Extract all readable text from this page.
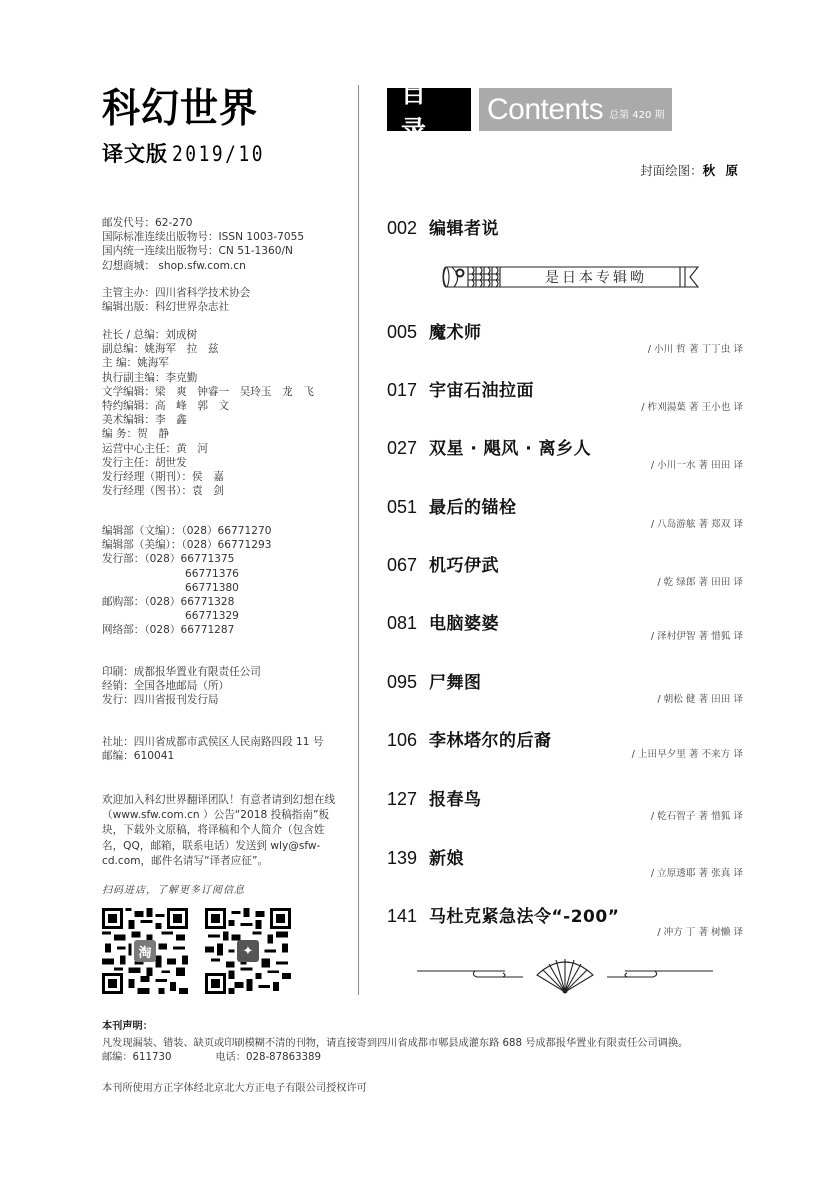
科幻世界
译文版 2019/10
邮发代号：62-270
国际标准连续出版物号：ISSN 1003-7055
国内统一连续出版物号：CN 51-1360/N
幻想商城： shop.sfw.com.cn
主管主办：四川省科学技术协会
编辑出版：科幻世界杂志社
社长 / 总编：刘成树
副总编：姚海军　拉　兹
主 编：姚海军
执行副主编：李克勤
文学编辑：梁　爽　钟睿一　吴玲玉　龙　飞
特约编辑：高　峰　郭　文
美术编辑：李　鑫
编 务：贺　静
运营中心主任：黄　河
发行主任：胡世发
发行经理（期刊）：侯　嘉
发行经理（图书）：袁　剑
编辑部（文编）：（028）66771270
编辑部（美编）：（028）66771293
发行部：（028）66771375
66771376
66771380
邮购部：（028）66771328
66771329
网络部：（028）66771287
印刷：成都报华置业有限责任公司
经销：全国各地邮局（所）
发行：四川省报刊发行局
社址：四川省成都市武侯区人民南路四段 11 号
邮编：610041
欢迎加入科幻世界翻译团队！有意者请到幻想在线（www.sfw.com.cn ）公告“2018 投稿指南”板块，下载外文原稿，将译稿和个人简介（包含姓名，QQ，邮箱，联系电话）发送到 wly@sfw-cd.com，邮件名请写“译者应征”。
扫码进店，了解更多订阅信息
淘	✦
目录
Contents 总第 420 期
封面绘图：秋 原
002 编辑者说
是日本专辑呦
005 魔术师
/ 小川 哲 著 丁丁虫 译
017 宇宙石油拉面
/ 柞刈湯葉 著 王小也 译
027 双星 · 飓风 · 离乡人
/ 小川一水 著 田田 译
051 最后的锚栓
/ 八岛游舷 著 郑双 译
067 机巧伊武
/ 乾 绿郎 著 田田 译
081 电脑婆婆
/ 泽村伊智 著 惜狐 译
095 尸舞图
/ 朝松 健 著 田田 译
106 李林塔尔的后裔
/ 上田早夕里 著 不来方 译
127 报春鸟
/ 乾石智子 著 惜狐 译
139 新娘
/ 立原透耶 著 张真 译
141 马杜克紧急法令“-200”
/ 冲方 丁 著 树懒 译
本刊声明：
凡发现漏装、错装、缺页或印刷模糊不清的刊物，请直接寄到四川省成都市郫县成灌东路 688 号成都报华置业有限责任公司调换。
邮编：611730	电话：028-87863389
本刊所使用方正字体经北京北大方正电子有限公司授权许可
